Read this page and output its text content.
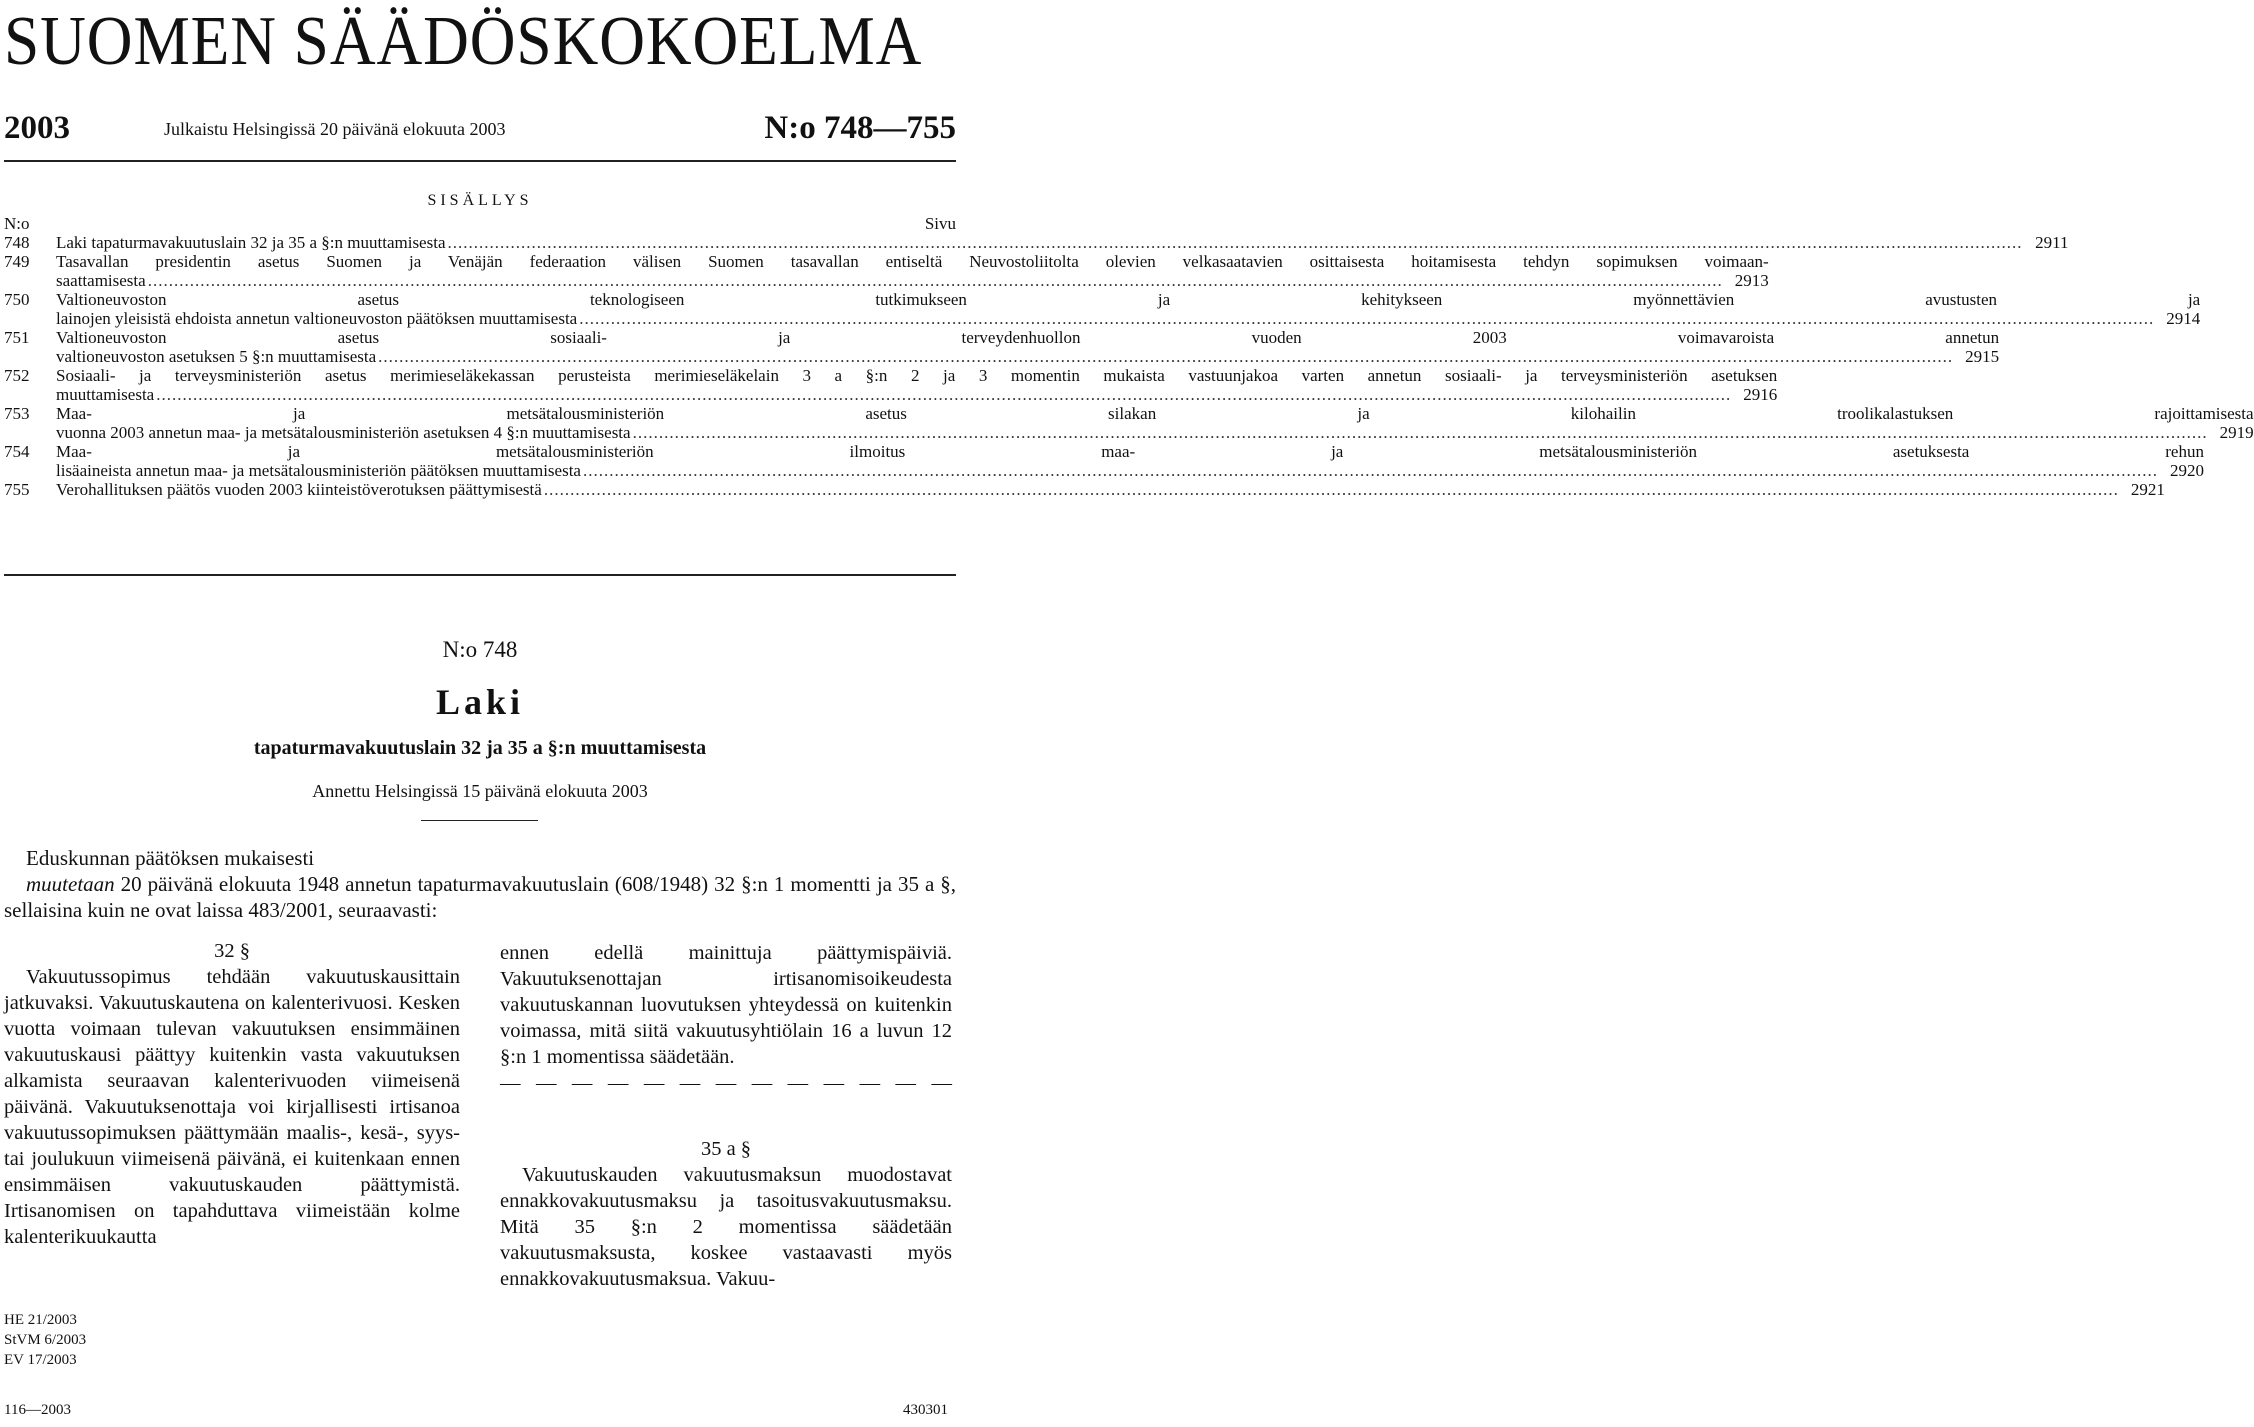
SUOMEN SÄÄDÖSKOKOELMA
2003	Julkaistu Helsingissä 20 päivänä elokuuta 2003	N:o 748—755
SISÄLLYS
N:o	Sivu
748	Laki tapaturmavakuutuslain 32 ja 35 a §:n muuttamisesta ............................................................................................................................................................................................................................................................................................................ 2911
749	Tasavallan presidentin asetus Suomen ja Venäjän federaation välisen Suomen tasavallan entiseltä Neuvostoliitolta olevien velkasaatavien osittaisesta hoitamisesta tehdyn sopimuksen voimaan-
saattamisesta ............................................................................................................................................................................................................................................................................................................ 2913
750	Valtioneuvoston asetus teknologiseen tutkimukseen ja kehitykseen myönnettävien avustusten ja
lainojen yleisistä ehdoista annetun valtioneuvoston päätöksen muuttamisesta ............................................................................................................................................................................................................................................................................................................ 2914
751	Valtioneuvoston asetus sosiaali- ja terveydenhuollon vuoden 2003 voimavaroista annetun
valtioneuvoston asetuksen 5 §:n muuttamisesta ............................................................................................................................................................................................................................................................................................................ 2915
752	Sosiaali- ja terveysministeriön asetus merimieseläkekassan perusteista merimieseläkelain 3 a §:n 2 ja 3 momentin mukaista vastuunjakoa varten annetun sosiaali- ja terveysministeriön asetuksen
muuttamisesta ............................................................................................................................................................................................................................................................................................................ 2916
753	Maa- ja metsätalousministeriön asetus silakan ja kilohailin troolikalastuksen rajoittamisesta
vuonna 2003 annetun maa- ja metsätalousministeriön asetuksen 4 §:n muuttamisesta ............................................................................................................................................................................................................................................................................................................ 2919
754	Maa- ja metsätalousministeriön ilmoitus maa- ja metsätalousministeriön asetuksesta rehun
lisäaineista annetun maa- ja metsätalousministeriön päätöksen muuttamisesta ............................................................................................................................................................................................................................................................................................................ 2920
755	Verohallituksen päätös vuoden 2003 kiinteistöverotuksen päättymisestä ............................................................................................................................................................................................................................................................................................................ 2921
N:o 748
Laki
tapaturmavakuutuslain 32 ja 35 a §:n muuttamisesta
Annettu Helsingissä 15 päivänä elokuuta 2003

Eduskunnan päätöksen mukaisesti

muutetaan 20 päivänä elokuuta 1948 annetun tapaturmavakuutuslain (608/1948) 32 §:n 1 momentti ja 35 a §, sellaisina kuin ne ovat laissa 483/2001, seuraavasti:

32 §

Vakuutussopimus tehdään vakuutuskausittain jatkuvaksi. Vakuutuskautena on kalenterivuosi. Kesken vuotta voimaan tulevan vakuutuksen ensimmäinen vakuutuskausi päättyy kuitenkin vasta vakuutuksen alkamista seuraavan kalenterivuoden viimeisenä päivänä. Vakuutuksenottaja voi kirjallisesti irtisanoa vakuutussopimuksen päättymään maalis-, kesä-, syys- tai joulukuun viimeisenä päivänä, ei kuitenkaan ennen ensimmäisen vakuutuskauden päättymistä. Irtisanomisen on tapahduttava viimeistään kolme kalenterikuukautta

ennen edellä mainittuja päättymispäiviä. Vakuutuksenottajan irtisanomisoikeudesta vakuutuskannan luovutuksen yhteydessä on kuitenkin voimassa, mitä siitä vakuutusyhtiölain 16 a luvun 12 §:n 1 momentissa säädetään.

— — — — — — — — — — — — —

35 a §

Vakuutuskauden vakuutusmaksun muodostavat ennakkovakuutusmaksu ja tasoitusvakuutusmaksu. Mitä 35 §:n 2 momentissa säädetään vakuutusmaksusta, koskee vastaavasti myös ennakkovakuutusmaksua. Vakuu-

HE 21/2003
StVM 6/2003
EV 17/2003
116—2003	430301
